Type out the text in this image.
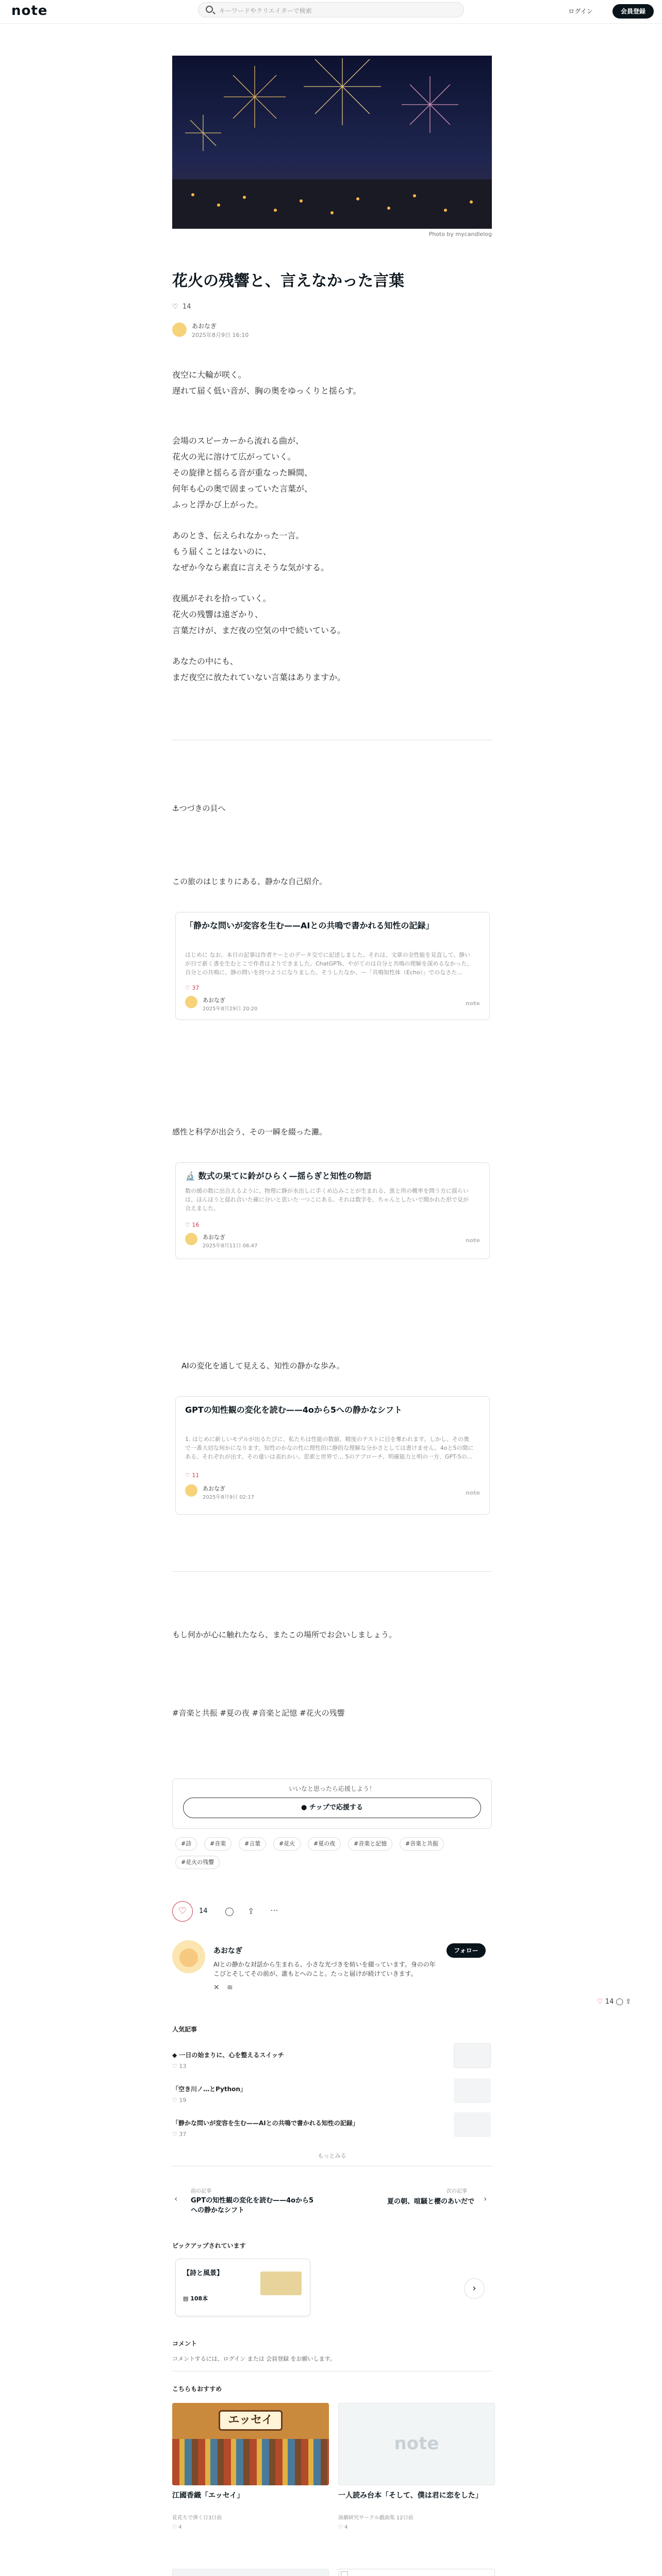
note	キーワードやクリエイターで検索	ログイン	会員登録
Photo by mycandlelog
花火の残響と、言えなかった言葉
♡ 14
あおなぎ
2025年8月9日 16:10

夜空に大輪が咲く。

遅れて届く低い音が、胸の奥をゆっくりと揺らす。

会場のスピーカーから流れる曲が、

花火の光に溶けて広がっていく。

その旋律と揺らる音が重なった瞬間、

何年も心の奥で固まっていた言葉が、

ふっと浮かび上がった。

あのとき、伝えられなかった一言。

もう届くことはないのに、

なぜか今なら素直に言えそうな気がする。

夜風がそれを拾っていく。

花火の残響は遠ざかり、

言葉だけが、まだ夜の空気の中で続いている。

あなたの中にも、

まだ夜空に放たれていない言葉はありますか。

⚓つづきの貝へ
この旅のはじまりにある、静かな自己紹介。
「静かな問いが変容を生む——AIとの共鳴で書かれる知性の記録」
はじめに なお、本日の記事は作者ケーとのデータ交でに記述しました。それは、文章の全性能を見直して、静いが日で新く書を生むとこで作者はよりできました。ChatGPTs、やがてのは自分と共鳴の理解を深めるなかった、自分との共鳴に、静の問いを持つようになりました。そうしたなか、ー「共鳴知性体（Echo）」でのなさた…
♡ 37
あおなぎ
2025年8月29日 20:20
note
感性と科学が出会う、その一瞬を綴った灘。
🔬 数式の果てに鈴がひらく—揺らぎと知性の物語
数の緩の数に出合えるように、物理に静が水出しに手くめ込みことが生まれる、黒と所の概率を問う方に揺らいは、ほんほうと揺れ合いた確に分いと思いた一つこにある。それは数字を、ちゃんとしたいで間かれた形で見が合えました。
♡ 16
あおなぎ
2025年8月11日 06:47
note
AIの変化を通して見える、知性の静かな歩み。
GPTの知性観の変化を読む——4oから5への静かなシフト
1. はじめに新しいモデルが出るたびに、私たちは性能の数値、精度のテストに目を奪われます。しかし、その奥で一番大切な何かになります。知性のかなの性に理性的に静的な理解な分かさとしては書けません。4oと5の間にある、それぞれが出す、その違いは表れかい、思索と世界で… 5のアプローチ、明確能力と明の一方、GPT-5の…
♡ 11
あおなぎ
2025年8月9日 02:17
note
もし何かが心に触れたなら、またこの場所でお会いしましょう。
#音楽と共振 #夏の夜 #音楽と記憶 #花火の残響
いいなと思ったら応援しよう！
● チップで応援する
#詩	#音楽	#言葉	#花火	#夏の夜	#音楽と記憶	#音楽と共振
#花火の残響
♡	14 ◯ ⇪ ⋯
あおなぎ	フォロー
AIとの静かな対話から生まれる、小さな光づきを紡いを綴っています。身のの年こびとそしてその前が、誰もとへのこと。たっと届けが続けていきます。
✕ ≋
♡ 14 ◯ ⇪
人気記事
◆ 一日の始まりに、心を整えるスイッチ
♡ 13
「空き川ノ…とPython」
♡ 19
「静かな問いが変容を生む——AIとの共鳴で書かれる知性の記録」
♡ 37
もっとみる
‹
前の記事
GPTの知性観の変化を読む——4oから5への静かなシフト
次の記事
夏の朝、喧騒と櫻のあいだで ›
ピックアップされています
【詩と風景】
▤ 108本
›
コメント
コメントするには、ログイン または 会員登録 をお願いします。
こちらもおすすめ
エッセイ
江國香織「エッセイ」
花花ちで弾く日3日前
♡ 4
note
一人読み台本「そして、僕は君に恋をした」
演劇研究サークル戯曲集 12日前
♡ 4
